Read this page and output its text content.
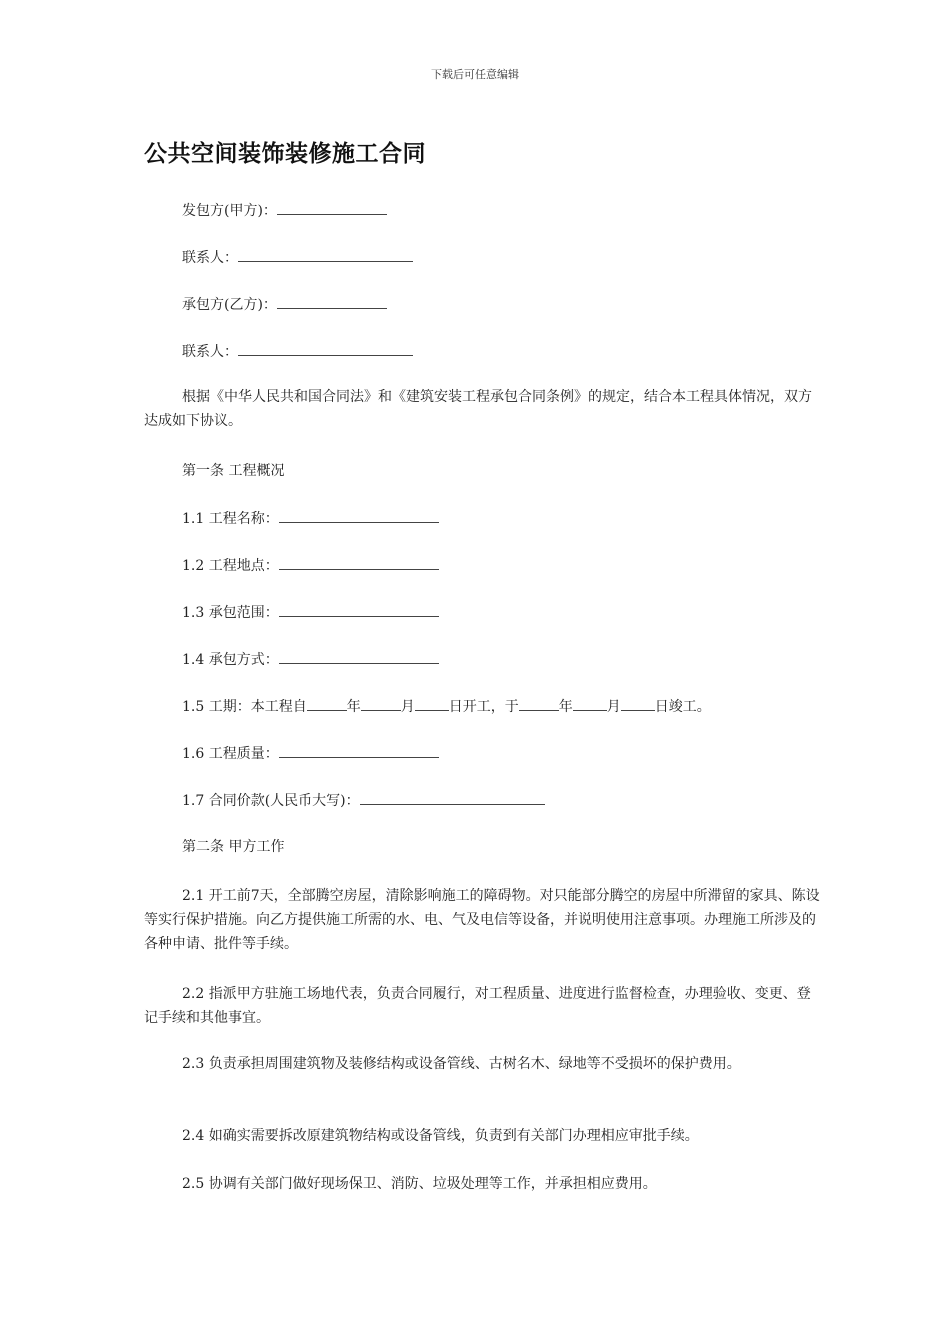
下载后可任意编辑
公共空间装饰装修施工合同
发包方(甲方)：
联系人：
承包方(乙方)：
联系人：
根据《中华人民共和国合同法》和《建筑安装工程承包合同条例》的规定，结合本工程具体情况，双方达成如下协议。
第一条 工程概况
1.1 工程名称：
1.2 工程地点：
1.3 承包范围：
1.4 承包方式：
1.5 工期：本工程自	年	月 日开工，于	年 月 日竣工。
1.6 工程质量：
1.7 合同价款(人民币大写)：
第二条 甲方工作
2.1 开工前7天，全部腾空房屋，清除影响施工的障碍物。对只能部分腾空的房屋中所滞留的家具、陈设等实行保护措施。向乙方提供施工所需的水、电、气及电信等设备，并说明使用注意事项。办理施工所涉及的各种申请、批件等手续。
2.2 指派甲方驻施工场地代表，负责合同履行，对工程质量、进度进行监督检查，办理验收、变更、登记手续和其他事宜。
2.3 负责承担周围建筑物及装修结构或设备管线、古树名木、绿地等不受损坏的保护费用。
2.4 如确实需要拆改原建筑物结构或设备管线，负责到有关部门办理相应审批手续。
2.5 协调有关部门做好现场保卫、消防、垃圾处理等工作，并承担相应费用。
